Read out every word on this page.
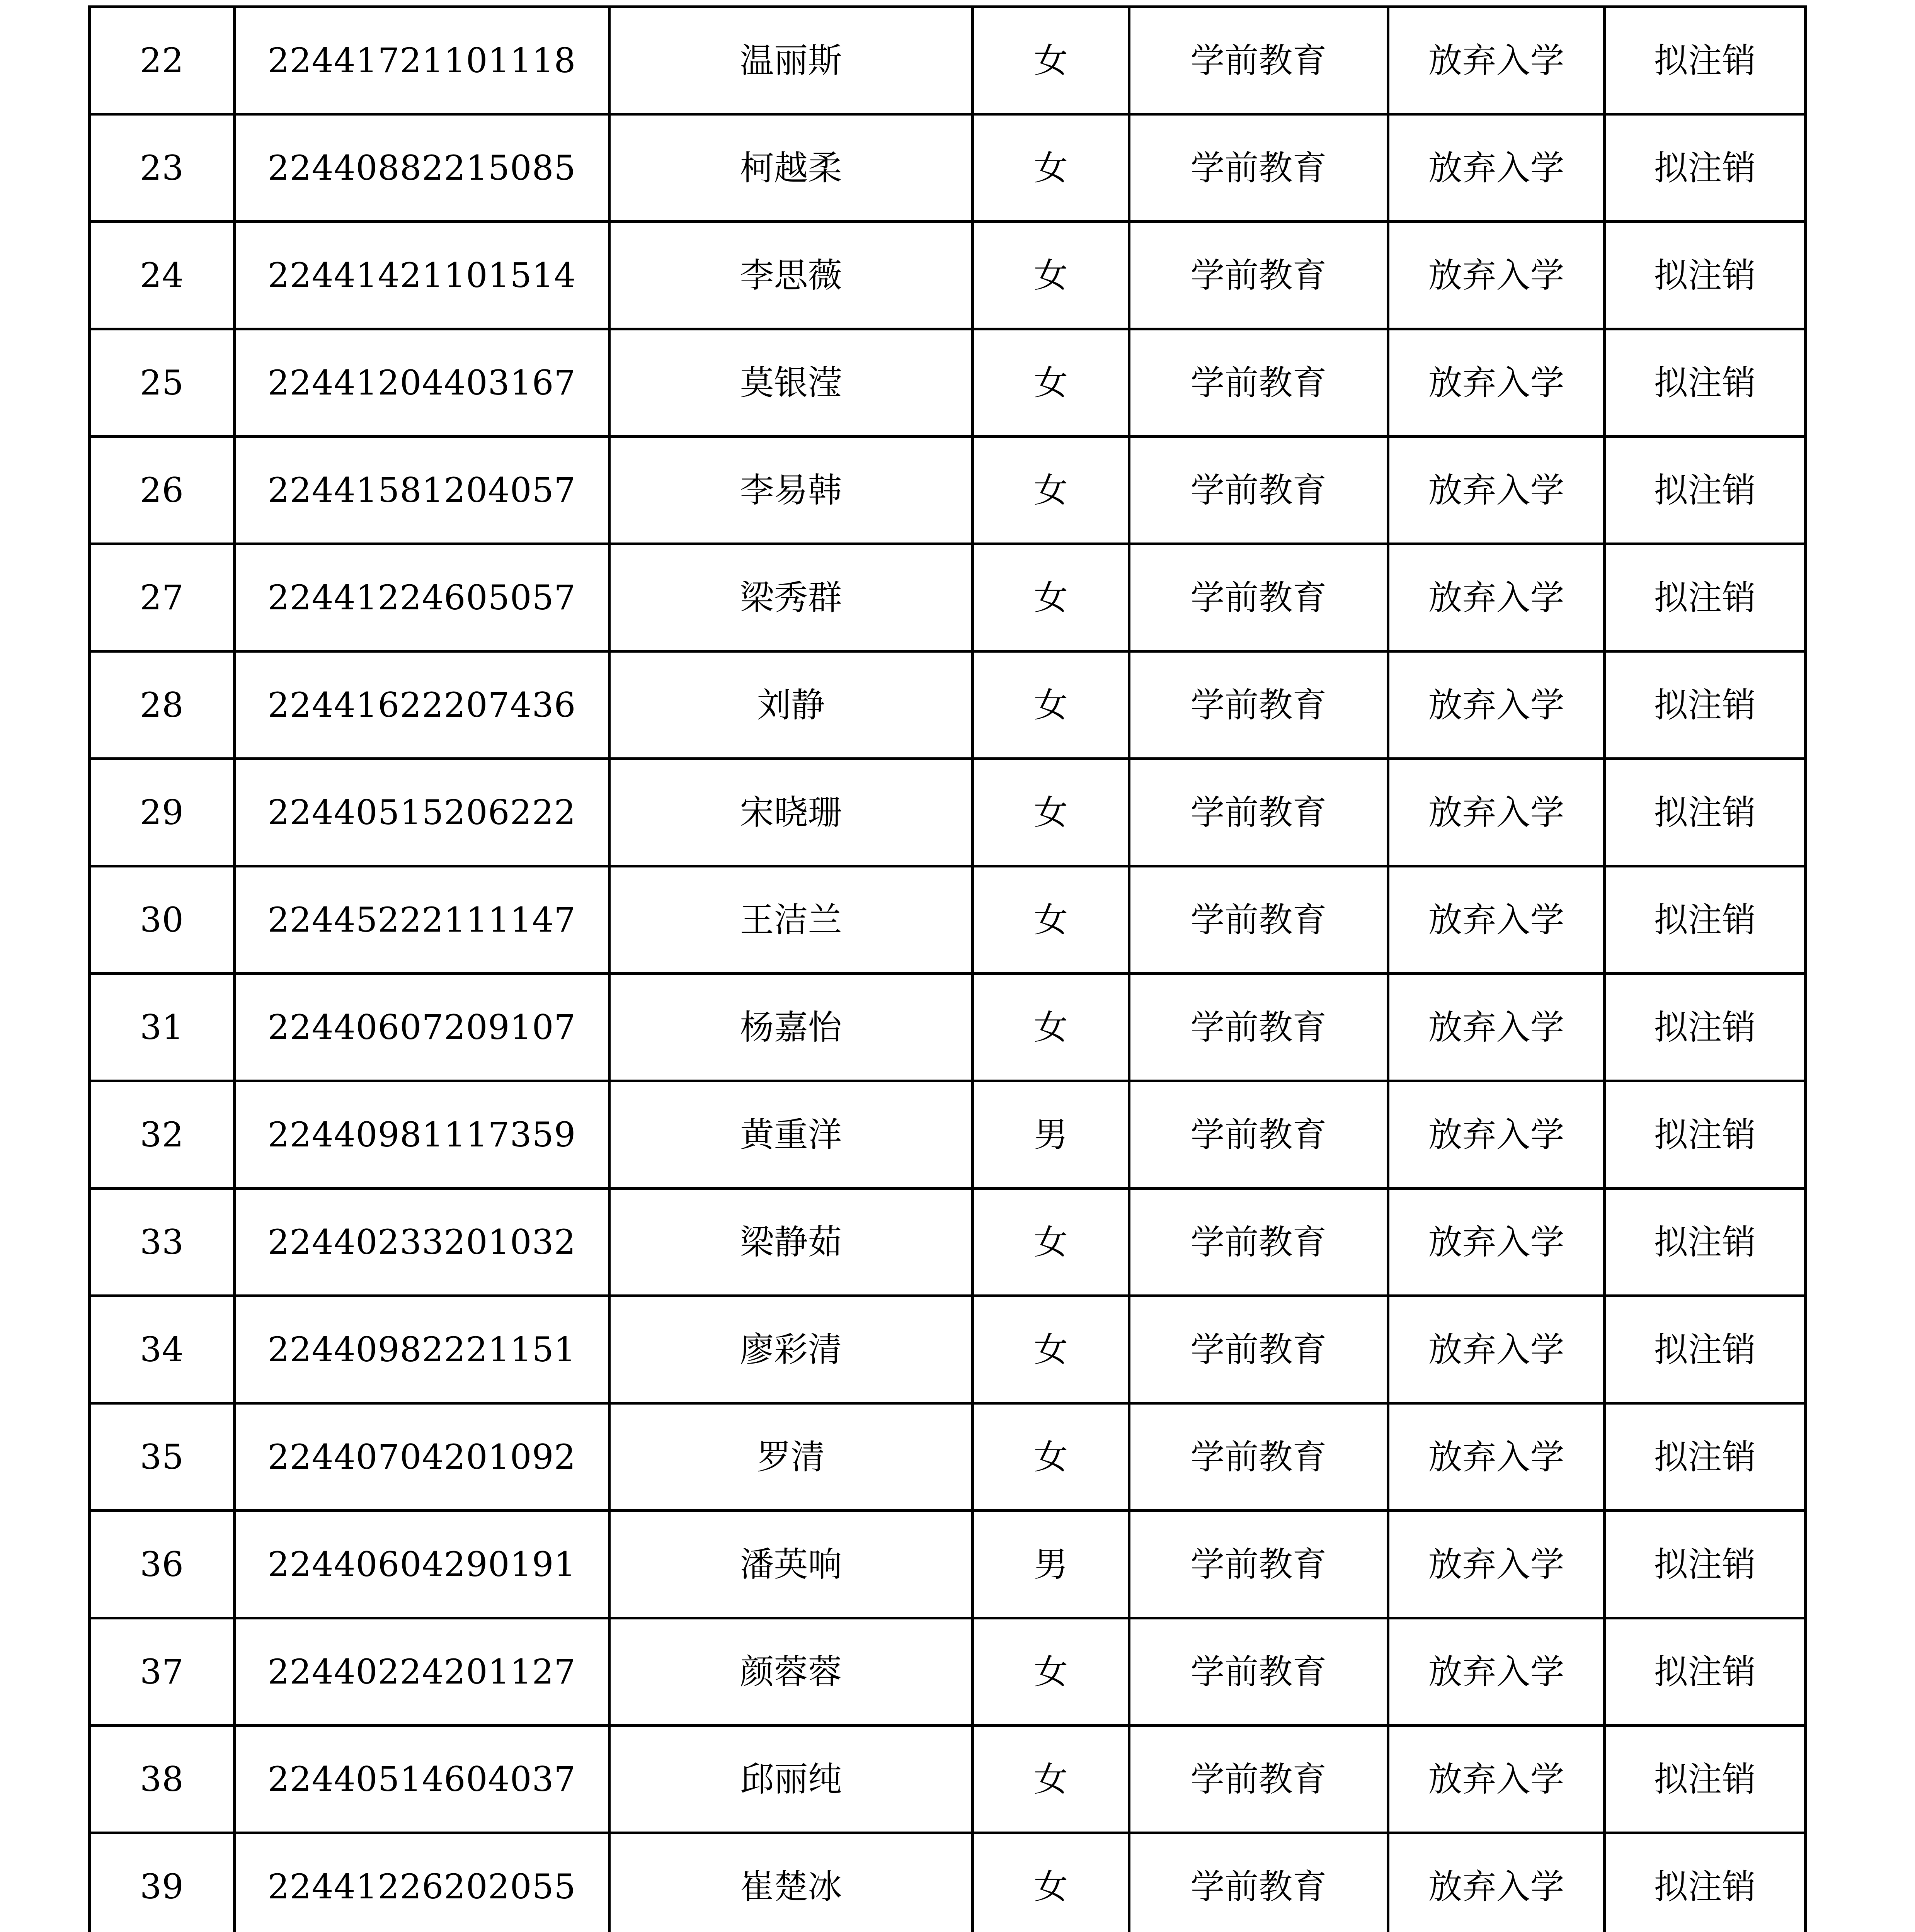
22	22441721101118	温丽斯	女	学前教育	放弃入学	拟注销
23	22440882215085	柯越柔	女	学前教育	放弃入学	拟注销
24	22441421101514	李思薇	女	学前教育	放弃入学	拟注销
25	22441204403167	莫银滢	女	学前教育	放弃入学	拟注销
26	22441581204057	李易韩	女	学前教育	放弃入学	拟注销
27	22441224605057	梁秀群	女	学前教育	放弃入学	拟注销
28	22441622207436	刘静	女	学前教育	放弃入学	拟注销
29	22440515206222	宋晓珊	女	学前教育	放弃入学	拟注销
30	22445222111147	王洁兰	女	学前教育	放弃入学	拟注销
31	22440607209107	杨嘉怡	女	学前教育	放弃入学	拟注销
32	22440981117359	黄重洋	男	学前教育	放弃入学	拟注销
33	22440233201032	梁静茹	女	学前教育	放弃入学	拟注销
34	22440982221151	廖彩清	女	学前教育	放弃入学	拟注销
35	22440704201092	罗清	女	学前教育	放弃入学	拟注销
36	22440604290191	潘英响	男	学前教育	放弃入学	拟注销
37	22440224201127	颜蓉蓉	女	学前教育	放弃入学	拟注销
38	22440514604037	邱丽纯	女	学前教育	放弃入学	拟注销
39	22441226202055	崔楚冰	女	学前教育	放弃入学	拟注销
